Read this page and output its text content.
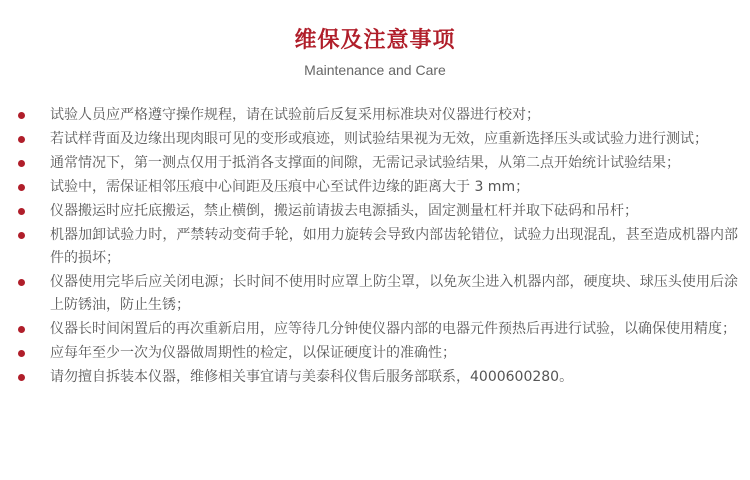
维保及注意事项
Maintenance and Care
试验人员应严格遵守操作规程，请在试验前后反复采用标准块对仪器进行校对；
若试样背面及边缘出现肉眼可见的变形或痕迹，则试验结果视为无效，应重新选择压头或试验力进行测试；
通常情况下，第一测点仅用于抵消各支撑面的间隙，无需记录试验结果，从第二点开始统计试验结果；
试验中，需保证相邻压痕中心间距及压痕中心至试件边缘的距离大于 3 mm；
仪器搬运时应托底搬运，禁止横倒，搬运前请拔去电源插头，固定测量杠杆并取下砝码和吊杆；
机器加卸试验力时，严禁转动变荷手轮，如用力旋转会导致内部齿轮错位，试验力出现混乱，甚至造成机器内部件的损坏；
仪器使用完毕后应关闭电源；长时间不使用时应罩上防尘罩，以免灰尘进入机器内部，硬度块、球压头使用后涂上防锈油，防止生锈；
仪器长时间闲置后的再次重新启用，应等待几分钟使仪器内部的电器元件预热后再进行试验，以确保使用精度；
应每年至少一次为仪器做周期性的检定，以保证硬度计的准确性；
请勿擅自拆装本仪器，维修相关事宜请与美泰科仪售后服务部联系，4000600280。
